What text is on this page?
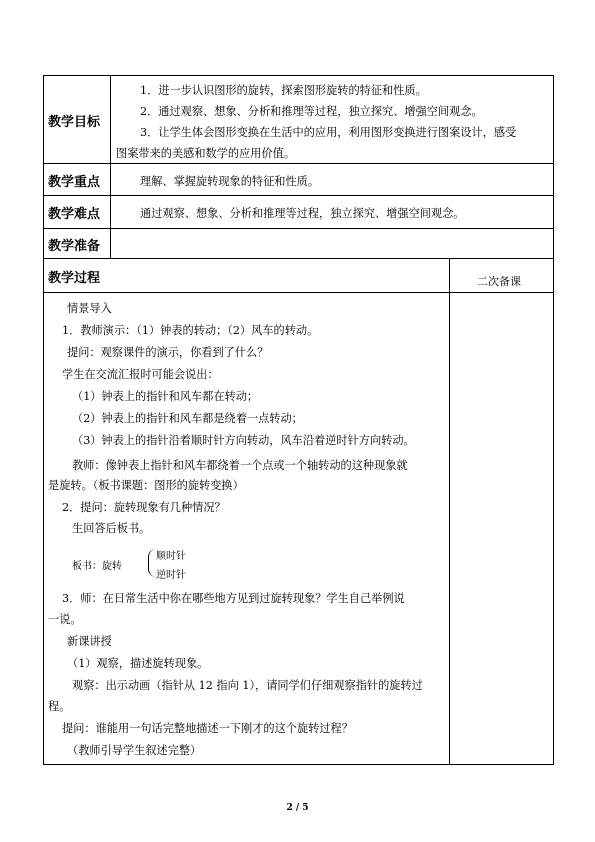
教学目标
教学重点
教学难点
教学准备
教学过程	二次备课
1．进一步认识图形的旋转，探索图形旋转的特征和性质。
2．通过观察、想象、分析和推理等过程，独立探究、增强空间观念。
3．让学生体会图形变换在生活中的应用，利用图形变换进行图案设计，感受
图案带来的美感和数学的应用价值。
理解、掌握旋转现象的特征和性质。
通过观察、想象、分析和推理等过程，独立探究、增强空间观念。
情景导入
1．教师演示：（1）钟表的转动；（2）风车的转动。
提问：观察课件的演示，你看到了什么？
学生在交流汇报时可能会说出：
（1）钟表上的指针和风车都在转动；
（2）钟表上的指针和风车都是绕着一点转动；
（3）钟表上的指针沿着顺时针方向转动，风车沿着逆时针方向转动。
教师：像钟表上指针和风车都绕着一个点或一个轴转动的这种现象就
是旋转。（板书课题：图形的旋转变换）
2．提问：旋转现象有几种情况？
生回答后板书。
板书：旋转
顺时针
逆时针
3．师：在日常生活中你在哪些地方见到过旋转现象？学生自己举例说
一说。
新课讲授
（1）观察，描述旋转现象。
观察：出示动画（指针从 12 指向 1），请同学们仔细观察指针的旋转过
程。
提问：谁能用一句话完整地描述一下刚才的这个旋转过程？
（教师引导学生叙述完整）
2 / 5
